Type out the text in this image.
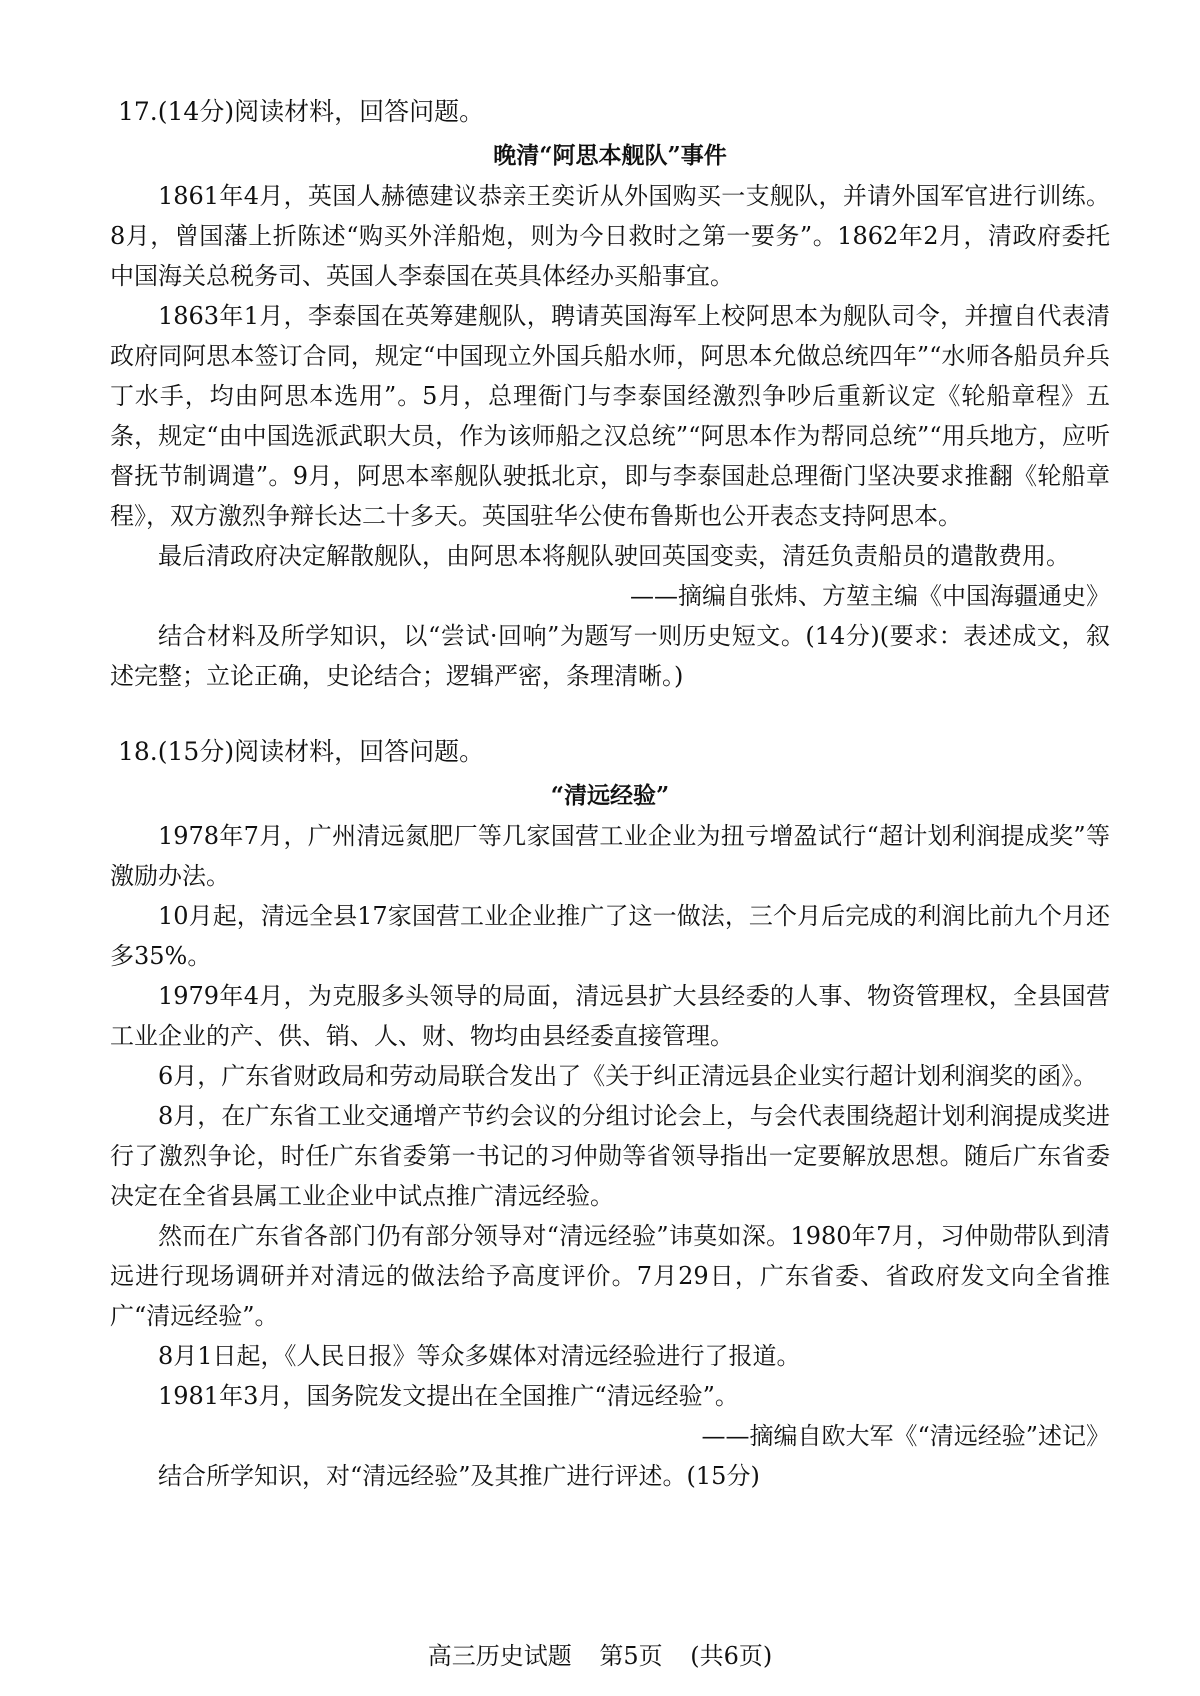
17.(14分)阅读材料，回答问题。
晚清“阿思本舰队”事件

1861年4月，英国人赫德建议恭亲王奕䜣从外国购买一支舰队，并请外国军官进行训练。8月，曾国藩上折陈述“购买外洋船炮，则为今日救时之第一要务”。1862年2月，清政府委托中国海关总税务司、英国人李泰国在英具体经办买船事宜。

1863年1月，李泰国在英筹建舰队，聘请英国海军上校阿思本为舰队司令，并擅自代表清政府同阿思本签订合同，规定“中国现立外国兵船水师，阿思本允做总统四年”“水师各船员弁兵丁水手，均由阿思本选用”。5月，总理衙门与李泰国经激烈争吵后重新议定《轮船章程》五条，规定“由中国选派武职大员，作为该师船之汉总统”“阿思本作为帮同总统”“用兵地方，应听督抚节制调遣”。9月，阿思本率舰队驶抵北京，即与李泰国赴总理衙门坚决要求推翻《轮船章程》，双方激烈争辩长达二十多天。英国驻华公使布鲁斯也公开表态支持阿思本。

最后清政府决定解散舰队，由阿思本将舰队驶回英国变卖，清廷负责船员的遣散费用。

——摘编自张炜、方堃主编《中国海疆通史》

结合材料及所学知识，以“尝试·回响”为题写一则历史短文。(14分)(要求：表述成文，叙述完整；立论正确，史论结合；逻辑严密，条理清晰。)

18.(15分)阅读材料，回答问题。
“清远经验”

1978年7月，广州清远氮肥厂等几家国营工业企业为扭亏增盈试行“超计划利润提成奖”等激励办法。

10月起，清远全县17家国营工业企业推广了这一做法，三个月后完成的利润比前九个月还多35%。

1979年4月，为克服多头领导的局面，清远县扩大县经委的人事、物资管理权，全县国营工业企业的产、供、销、人、财、物均由县经委直接管理。

6月，广东省财政局和劳动局联合发出了《关于纠正清远县企业实行超计划利润奖的函》。

8月，在广东省工业交通增产节约会议的分组讨论会上，与会代表围绕超计划利润提成奖进行了激烈争论，时任广东省委第一书记的习仲勋等省领导指出一定要解放思想。随后广东省委决定在全省县属工业企业中试点推广清远经验。

然而在广东省各部门仍有部分领导对“清远经验”讳莫如深。1980年7月，习仲勋带队到清远进行现场调研并对清远的做法给予高度评价。7月29日，广东省委、省政府发文向全省推广“清远经验”。

8月1日起，《人民日报》等众多媒体对清远经验进行了报道。

1981年3月，国务院发文提出在全国推广“清远经验”。

——摘编自欧大军《“清远经验”述记》

结合所学知识，对“清远经验”及其推广进行评述。(15分)

高三历史试题 第5页 (共6页)
